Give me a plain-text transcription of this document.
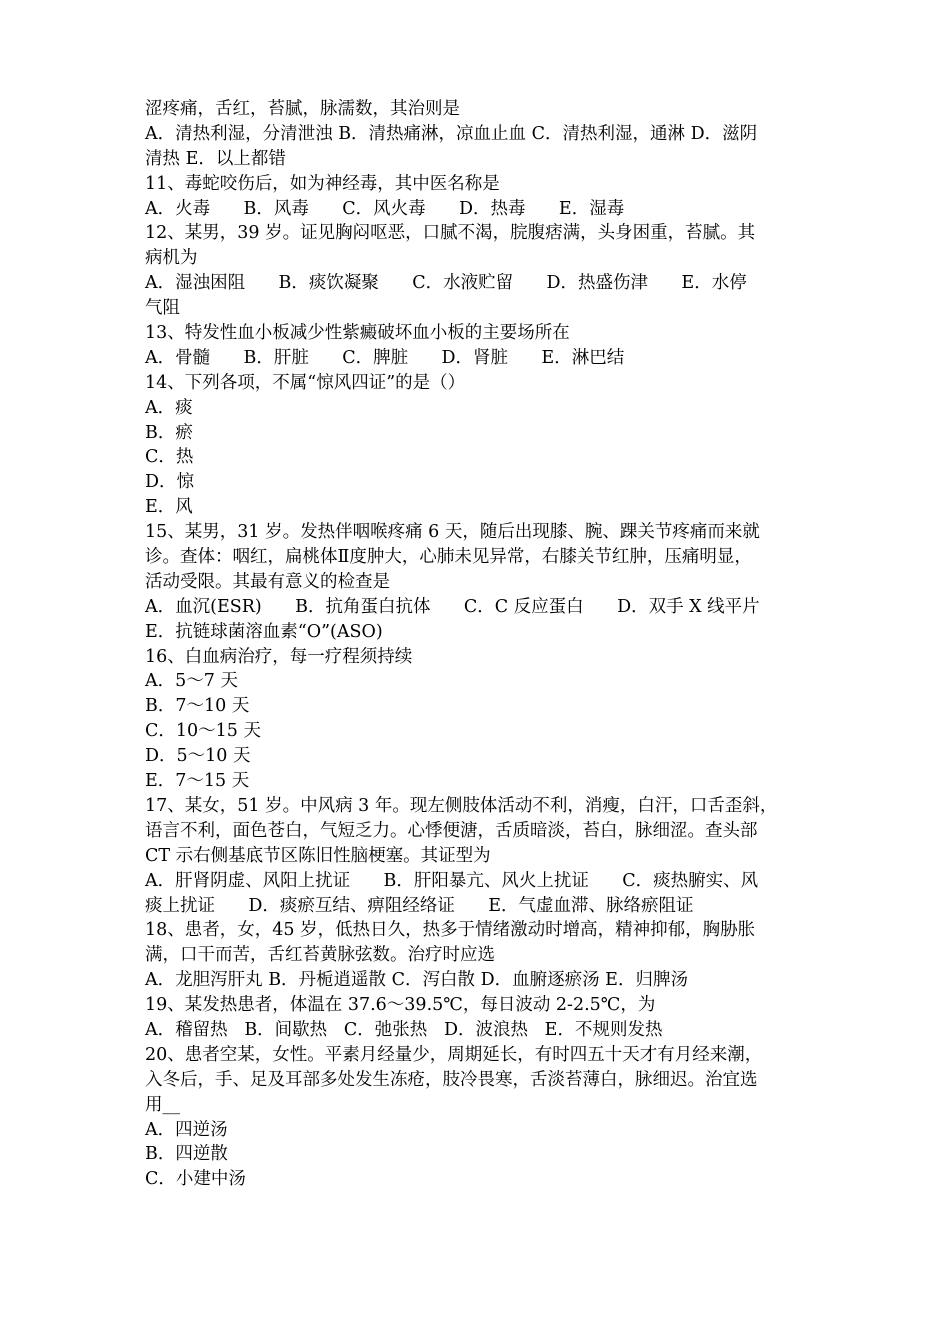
涩疼痛，舌红，苔腻，脉濡数，其治则是
A．清热利湿，分清泄浊 B．清热痛淋，凉血止血 C．清热利湿，通淋 D．滋阴
清热 E．以上都错
11、毒蛇咬伤后，如为神经毒，其中医名称是
A．火毒      B．风毒      C．风火毒      D．热毒      E．湿毒
12、某男，39 岁。证见胸闷呕恶，口腻不渴，脘腹痞满，头身困重，苔腻。其
病机为
A．湿浊困阻      B．痰饮凝聚      C．水液贮留      D．热盛伤津      E．水停
气阻
13、特发性血小板减少性紫癜破坏血小板的主要场所在
A．骨髓      B．肝脏      C．脾脏      D．肾脏      E．淋巴结
14、下列各项，不属“惊风四证”的是（）
A．痰
B．瘀
C．热
D．惊
E．风
15、某男，31 岁。发热伴咽喉疼痛 6 天，随后出现膝、腕、踝关节疼痛而来就
诊。查体：咽红，扁桃体Ⅱ度肿大，心肺未见异常，右膝关节红肿，压痛明显，
活动受限。其最有意义的检查是
A．血沉(ESR)      B．抗角蛋白抗体      C．C 反应蛋白      D．双手 X 线平片
E．抗链球菌溶血素“O”(ASO)
16、白血病治疗，每一疗程须持续
A．5～7 天
B．7～10 天
C．10～15 天
D．5～10 天
E．7～15 天
17、某女，51 岁。中风病 3 年。现左侧肢体活动不利，消瘦，白汗，口舌歪斜，
语言不利，面色苍白，气短乏力。心悸便溏，舌质暗淡，苔白，脉细涩。查头部
CT 示右侧基底节区陈旧性脑梗塞。其证型为
A．肝肾阴虚、风阳上扰证      B．肝阳暴亢、风火上扰证      C．痰热腑实、风
痰上扰证      D．痰瘀互结、痹阻经络证      E．气虚血滞、脉络瘀阻证
18、患者，女，45 岁，低热日久，热多于情绪激动时增高，精神抑郁，胸胁胀
满，口干而苦，舌红苔黄脉弦数。治疗时应选
A．龙胆泻肝丸 B．丹栀逍遥散 C．泻白散 D．血腑逐瘀汤 E．归脾汤
19、某发热患者，体温在 37.6～39.5℃，每日波动 2-2.5℃，为
A．稽留热   B．间歇热   C．弛张热   D．波浪热   E．不规则发热
20、患者空某，女性。平素月经量少，周期延长，有时四五十天才有月经来潮，
入冬后，手、足及耳部多处发生冻疮，肢冷畏寒，舌淡苔薄白，脉细迟。治宜选
用__
A．四逆汤
B．四逆散
C．小建中汤
